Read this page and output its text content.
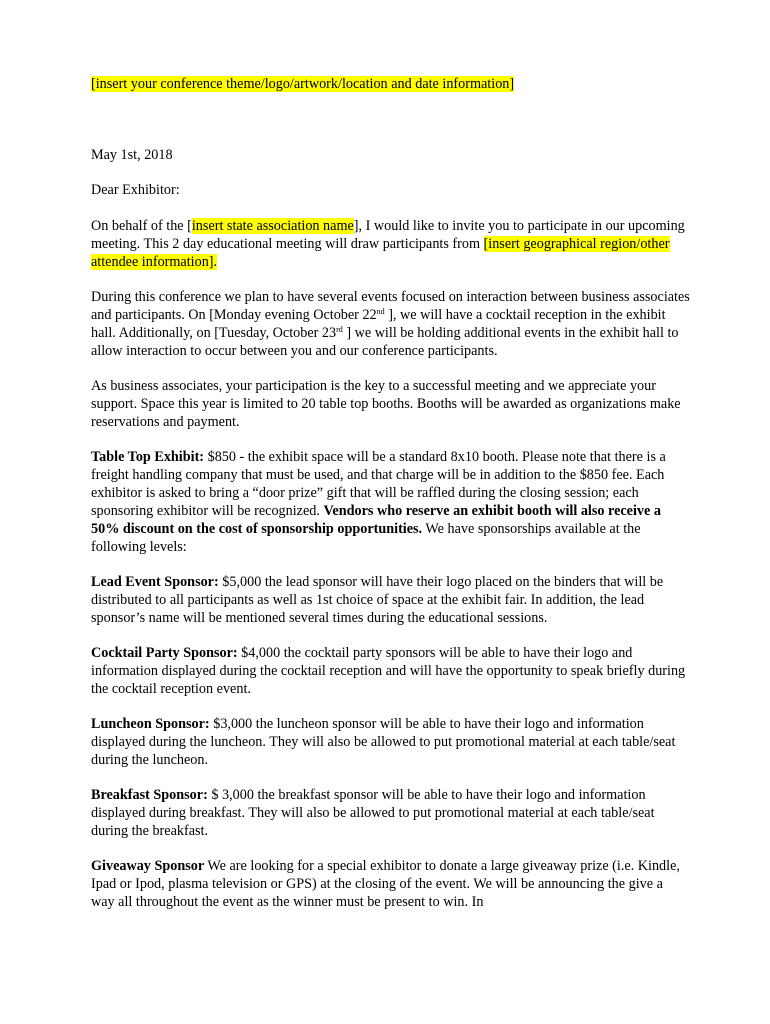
[insert your conference theme/logo/artwork/location and date information]

May 1st, 2018

Dear Exhibitor:

On behalf of the [insert state association name], I would like to invite you to participate in our upcoming meeting. This 2 day educational meeting will draw participants from [insert geographical region/other attendee information].

During this conference we plan to have several events focused on interaction between business associates and participants. On [Monday evening October 22nd ], we will have a cocktail reception in the exhibit hall. Additionally, on [Tuesday, October 23rd ] we will be holding additional events in the exhibit hall to allow interaction to occur between you and our conference participants.

As business associates, your participation is the key to a successful meeting and we appreciate your support. Space this year is limited to 20 table top booths. Booths will be awarded as organizations make reservations and payment.

Table Top Exhibit: $850 - the exhibit space will be a standard 8x10 booth. Please note that there is a freight handling company that must be used, and that charge will be in addition to the $850 fee. Each exhibitor is asked to bring a “door prize” gift that will be raffled during the closing session; each sponsoring exhibitor will be recognized. Vendors who reserve an exhibit booth will also receive a 50% discount on the cost of sponsorship opportunities. We have sponsorships available at the following levels:

Lead Event Sponsor: $5,000 the lead sponsor will have their logo placed on the binders that will be distributed to all participants as well as 1st choice of space at the exhibit fair. In addition, the lead sponsor’s name will be mentioned several times during the educational sessions.

Cocktail Party Sponsor: $4,000 the cocktail party sponsors will be able to have their logo and information displayed during the cocktail reception and will have the opportunity to speak briefly during the cocktail reception event.

Luncheon Sponsor: $3,000 the luncheon sponsor will be able to have their logo and information displayed during the luncheon. They will also be allowed to put promotional material at each table/seat during the luncheon.

Breakfast Sponsor: $ 3,000 the breakfast sponsor will be able to have their logo and information displayed during breakfast. They will also be allowed to put promotional material at each table/seat during the breakfast.

Giveaway Sponsor We are looking for a special exhibitor to donate a large giveaway prize (i.e. Kindle, Ipad or Ipod, plasma television or GPS) at the closing of the event. We will be announcing the give a way all throughout the event as the winner must be present to win. In
